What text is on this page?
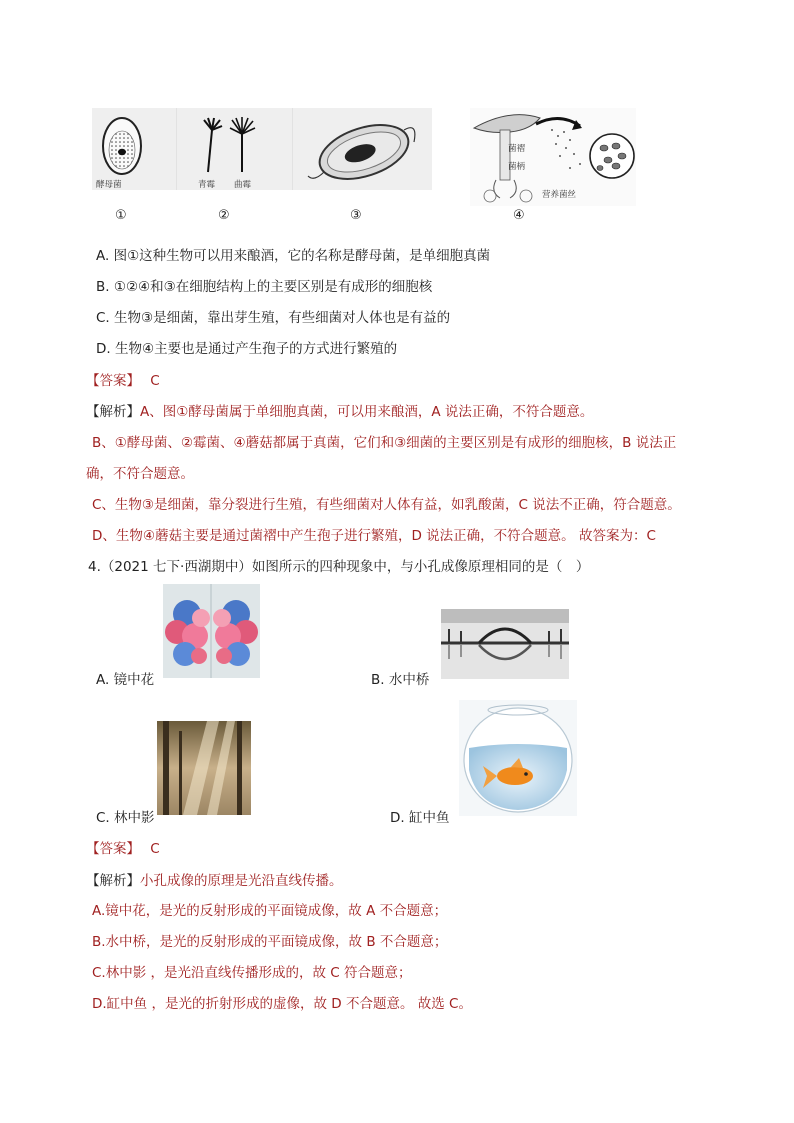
酵母菌	青霉 曲霉
菌褶
菌柄
营养菌丝
①	②	③	④
A. 图①这种生物可以用来酿酒，它的名称是酵母菌，是单细胞真菌
B. ①②④和③在细胞结构上的主要区别是有成形的细胞核
C. 生物③是细菌，靠出芽生殖，有些细菌对人体也是有益的
D. 生物④主要也是通过产生孢子的方式进行繁殖的
【答案】 C
【解析】A、图①酵母菌属于单细胞真菌，可以用来酿酒，A 说法正确，不符合题意。
B、①酵母菌、②霉菌、④蘑菇都属于真菌，它们和③细菌的主要区别是有成形的细胞核，B 说法正
确，不符合题意。
C、生物③是细菌，靠分裂进行生殖，有些细菌对人体有益，如乳酸菌，C 说法不正确，符合题意。
D、生物④蘑菇主要是通过菌褶中产生孢子进行繁殖，D 说法正确，不符合题意。 故答案为：C
4.（2021 七下·西湖期中）如图所示的四种现象中，与小孔成像原理相同的是（　）
A. 镜中花	B. 水中桥
C. 林中影	D. 缸中鱼
【答案】 C
【解析】小孔成像的原理是光沿直线传播。
A.镜中花，是光的反射形成的平面镜成像，故 A 不合题意；
B.水中桥，是光的反射形成的平面镜成像，故 B 不合题意；
C.林中影 ，是光沿直线传播形成的，故 C 符合题意；
D.缸中鱼 ，是光的折射形成的虚像，故 D 不合题意。 故选 C。
